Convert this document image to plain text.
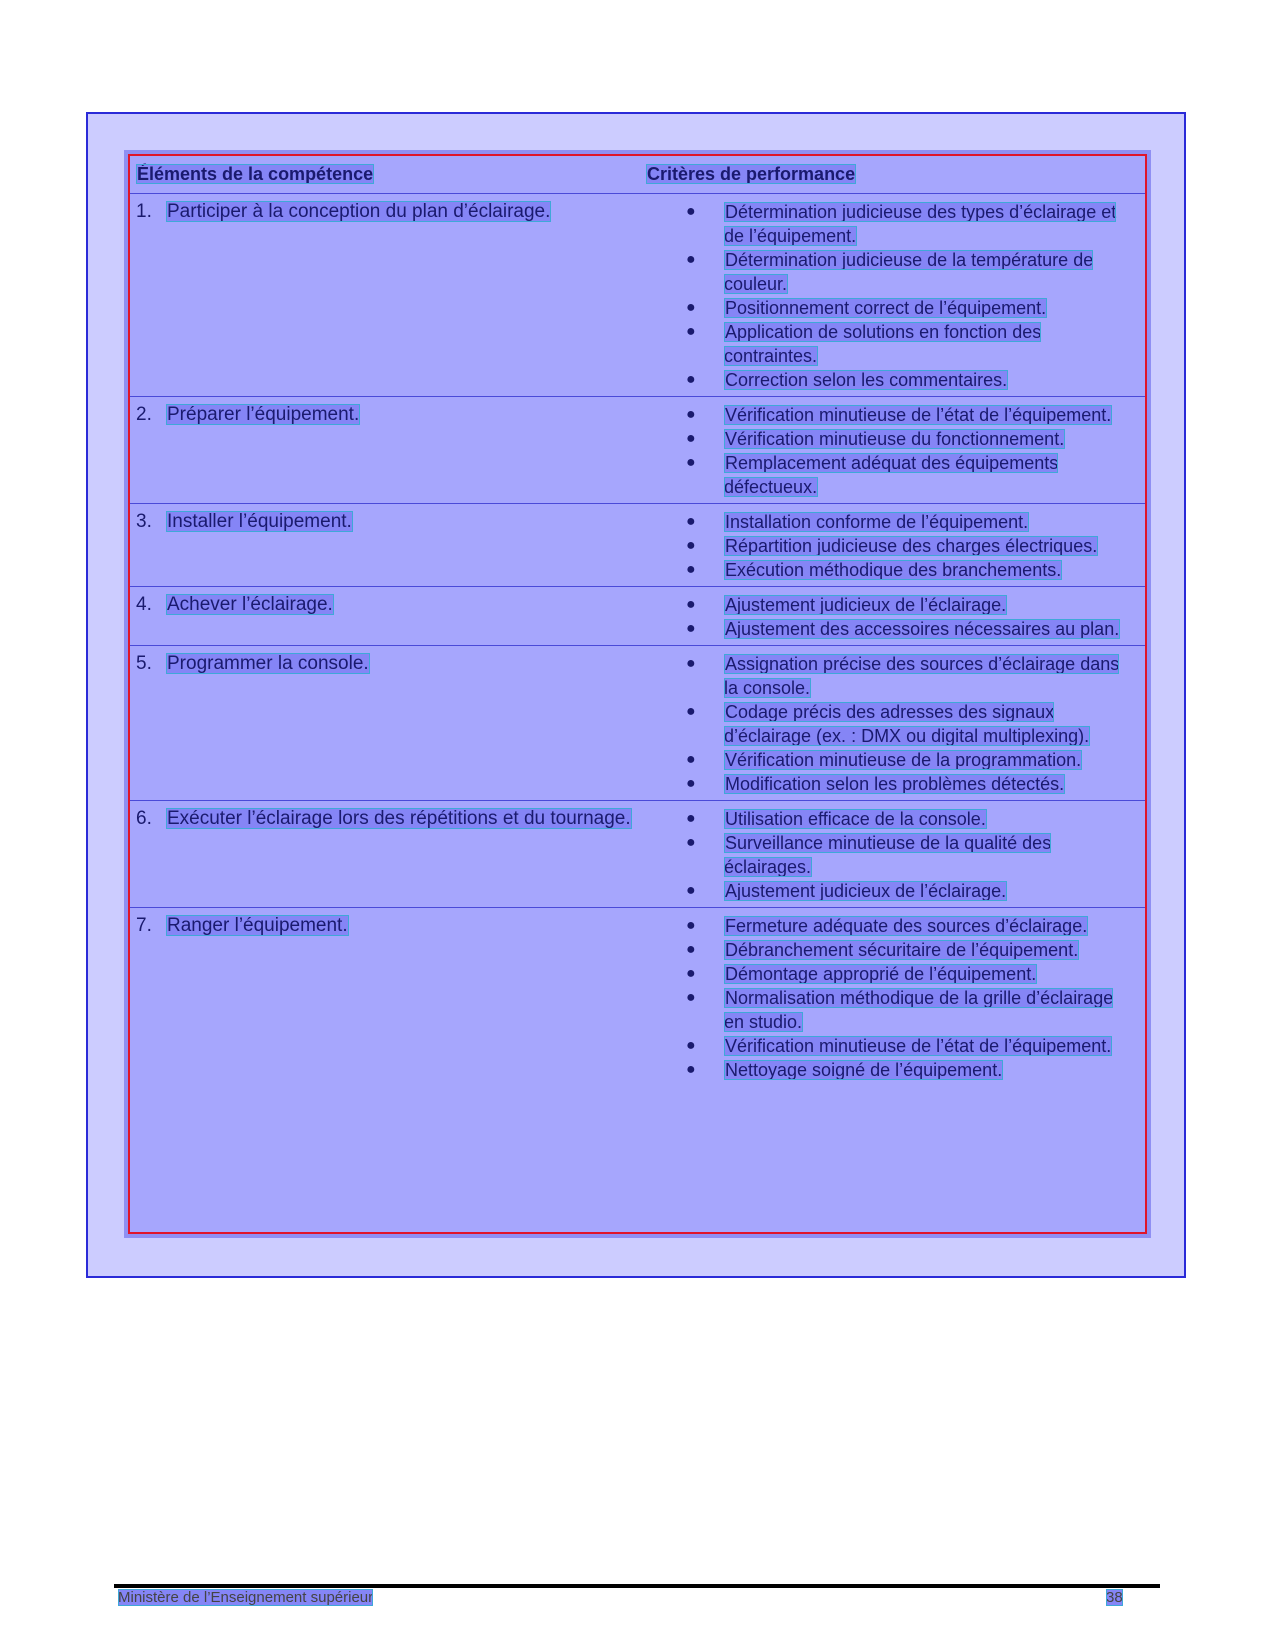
Éléments de la compétence	Critères de performance
1. Participer à la conception du plan d’éclairage.	●	Détermination judicieuse des types d’éclairage et de l’équipement.
●	Détermination judicieuse de la température de couleur.
●	Positionnement correct de l’équipement.
●	Application de solutions en fonction des contraintes.
●	Correction selon les commentaires.
2. Préparer l’équipement.	●	Vérification minutieuse de l’état de l’équipement.
●	Vérification minutieuse du fonctionnement.
●	Remplacement adéquat des équipements défectueux.
3. Installer l’équipement.	●	Installation conforme de l’équipement.
●	Répartition judicieuse des charges électriques.
●	Exécution méthodique des branchements.
4. Achever l’éclairage.	●	Ajustement judicieux de l’éclairage.
●	Ajustement des accessoires nécessaires au plan.
5. Programmer la console.	●	Assignation précise des sources d’éclairage dans la console.
●	Codage précis des adresses des signaux d’éclairage (ex. : DMX ou digital multiplexing).
●	Vérification minutieuse de la programmation.
●	Modification selon les problèmes détectés.
6. Exécuter l’éclairage lors des répétitions et du tournage.	●	Utilisation efficace de la console.
●	Surveillance minutieuse de la qualité des éclairages.
●	Ajustement judicieux de l’éclairage.
7. Ranger l’équipement.	●	Fermeture adéquate des sources d’éclairage.
●	Débranchement sécuritaire de l’équipement.
●	Démontage approprié de l’équipement.
●	Normalisation méthodique de la grille d’éclairage en studio.
●	Vérification minutieuse de l’état de l’équipement.
●	Nettoyage soigné de l’équipement.
Ministère de l’Enseignement supérieur	38
